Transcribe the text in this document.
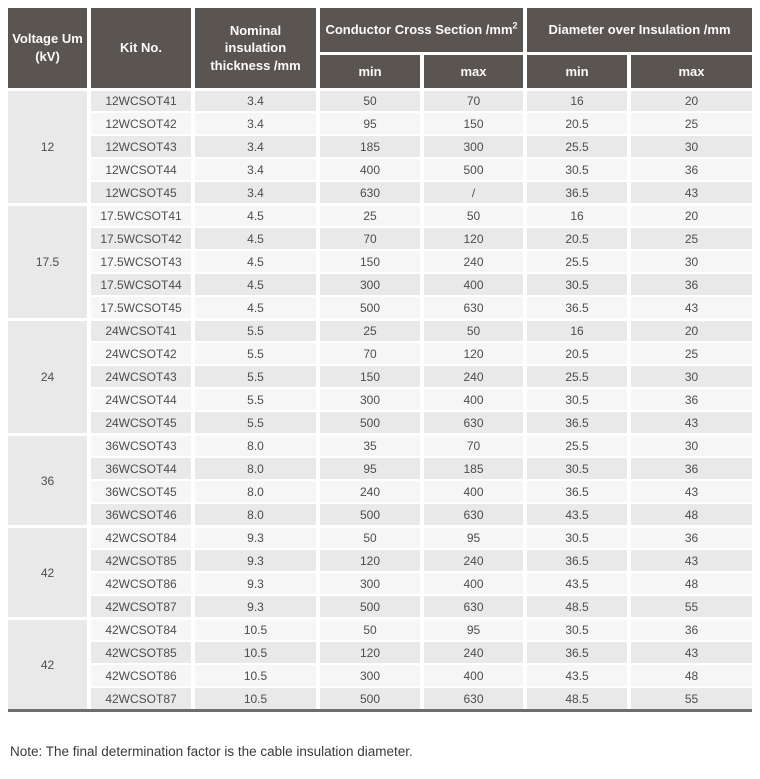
Voltage Um (kV)	Kit No.	Nominal insulation thickness /mm	Conductor Cross Section $/mm^2$		Diameter over Insulation /mm	
			min	max	min	max
12	12WCSOT41	3.4	50	70	16	20
	12WCSOT42	3.4	95	150	20.5	25
	12WCSOT43	3.4	185	300	25.5	30
	12WCSOT44	3.4	400	500	30.5	36
	12WCSOT45	3.4	630	/	36.5	43
17.5	17.5WCSOT41	4.5	25	50	16	20
	17.5WCSOT42	4.5	70	120	20.5	25
	17.5WCSOT43	4.5	150	240	25.5	30
	17.5WCSOT44	4.5	300	400	30.5	36
	17.5WCSOT45	4.5	500	630	36.5	43
24	24WCSOT41	5.5	25	50	16	20
	24WCSOT42	5.5	70	120	20.5	25
	24WCSOT43	5.5	150	240	25.5	30
	24WCSOT44	5.5	300	400	30.5	36
	24WCSOT45	5.5	500	630	36.5	43
36	36WCSOT43	8.0	35	70	25.5	30
	36WCSOT44	8.0	95	185	30.5	36
	36WCSOT45	8.0	240	400	36.5	43
	36WCSOT46	8.0	500	630	43.5	48
42	42WCSOT84	9.3	50	95	30.5	36
	42WCSOT85	9.3	120	240	36.5	43
	42WCSOT86	9.3	300	400	43.5	48
	42WCSOT87	9.3	500	630	48.5	55
42	42WCSOT84	10.5	50	95	30.5	36
	42WCSOT85	10.5	120	240	36.5	43
	42WCSOT86	10.5	300	400	43.5	48
	42WCSOT87	10.5	500	630	48.5	55
Note: The final determination factor is the cable insulation diameter.
